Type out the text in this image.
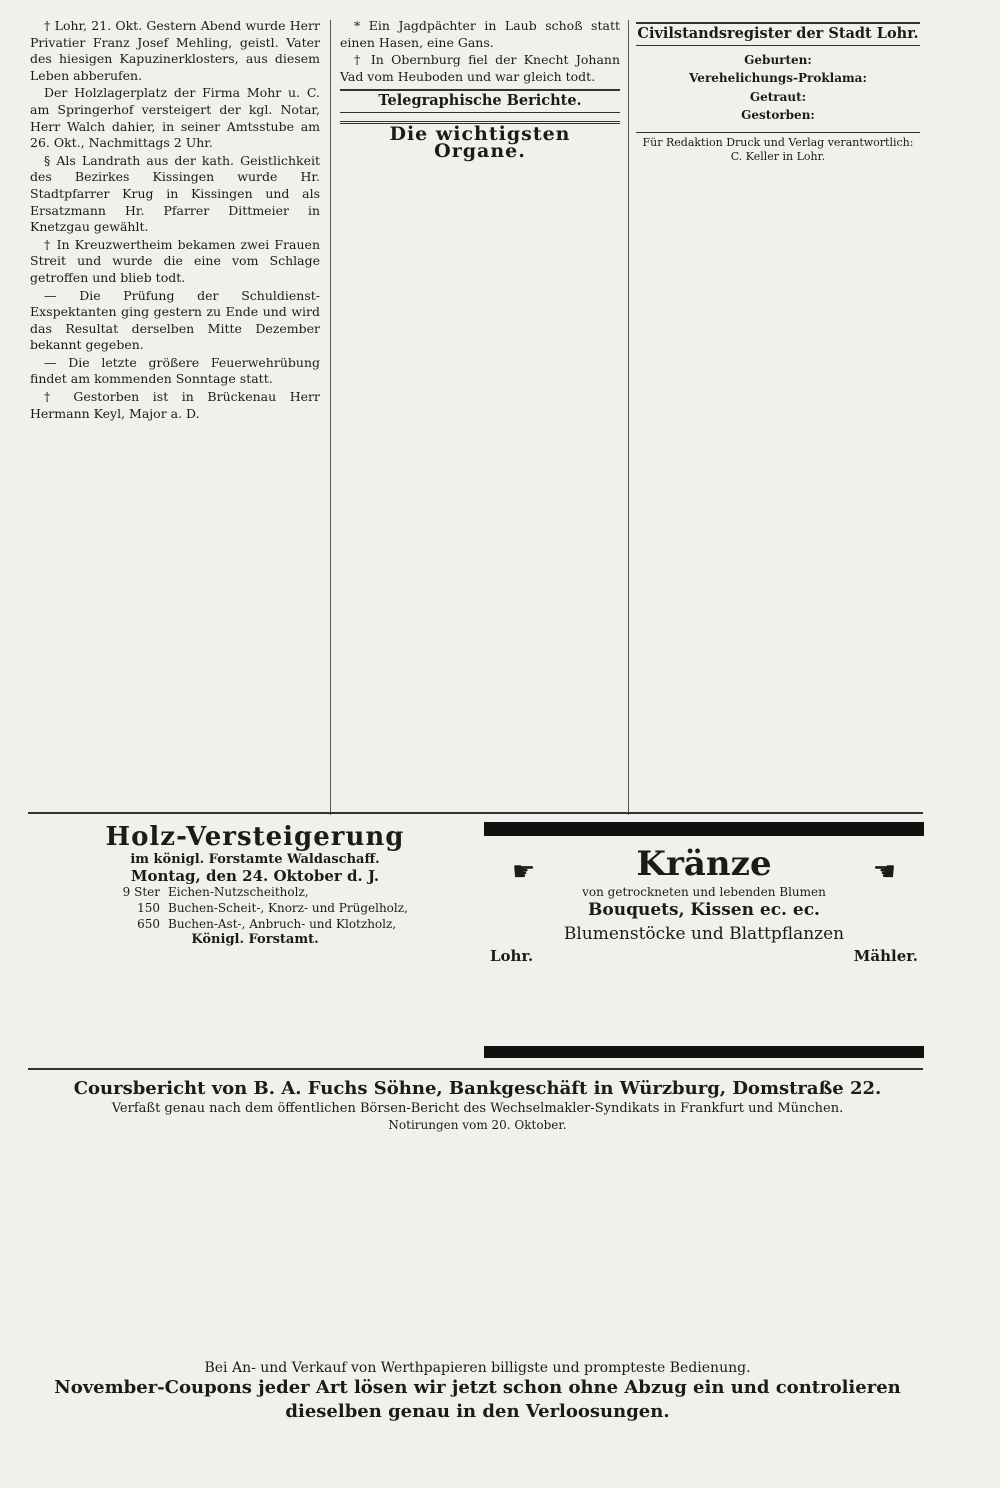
† Lohr, 21. Okt. Gestern Abend wurde Herr Privatier Franz Josef Mehling, geistl. Vater des hiesigen Kapuzinerklosters, aus diesem Leben abberufen.

Der Holzlagerplatz der Firma Mohr u. C. am Springerhof versteigert der kgl. Notar, Herr Walch dahier, in seiner Amtsstube am 26. Okt., Nachmittags 2 Uhr.

§ Als Landrath aus der kath. Geistlichkeit des Bezirkes Kissingen wurde Hr. Stadtpfarrer Krug in Kissingen und als Ersatzmann Hr. Pfarrer Dittmeier in Knetzgau gewählt.

† In Kreuzwertheim bekamen zwei Frauen Streit und wurde die eine vom Schlage getroffen und blieb todt.

— Die Prüfung der Schuldienst-Exspektanten ging gestern zu Ende und wird das Resultat derselben Mitte Dezember bekannt gegeben.

— Die letzte größere Feuerwehrübung findet am kommenden Sonntage statt.

† Gestorben ist in Brückenau Herr Hermann Keyl, Major a. D.

* Ein Jagdpächter in Laub schoß statt einen Hasen, eine Gans.

† In Obernburg fiel der Knecht Johann Vad vom Heuboden und war gleich todt.

Telegraphische Berichte.
Die wichtigsten Organe.
Civilstandsregister der Stadt Lohr.
Geburten:
Verehelichungs-Proklama:
Getraut:
Gestorben:

Für Redaktion Druck und Verlag verantwortlich: C. Keller in Lohr.

Holz-Versteigerung
im königl. Forstamte Waldaschaff.
Montag, den 24. Oktober d. J.
9 Ster Eichen-Nutzscheitholz,
150 Buchen-Scheit-, Knorz- und Prügelholz,
650 Buchen-Ast-, Anbruch- und Klotzholz,
Königl. Forstamt.
☛	☚
Kränze
von getrockneten und lebenden Blumen
Bouquets, Kissen ec. ec.
Blumenstöcke und Blattpflanzen
Lohr.	Mähler.
Coursbericht von B. A. Fuchs Söhne, Bankgeschäft in Würzburg, Domstraße 22.
Verfaßt genau nach dem öffentlichen Börsen-Bericht des Wechselmakler-Syndikats in Frankfurt und München.
Notirungen vom 20. Oktober.
Bei An- und Verkauf von Werthpapieren billigste und prompteste Bedienung.
November-Coupons jeder Art lösen wir jetzt schon ohne Abzug ein und controlieren dieselben genau in den Verloosungen.
